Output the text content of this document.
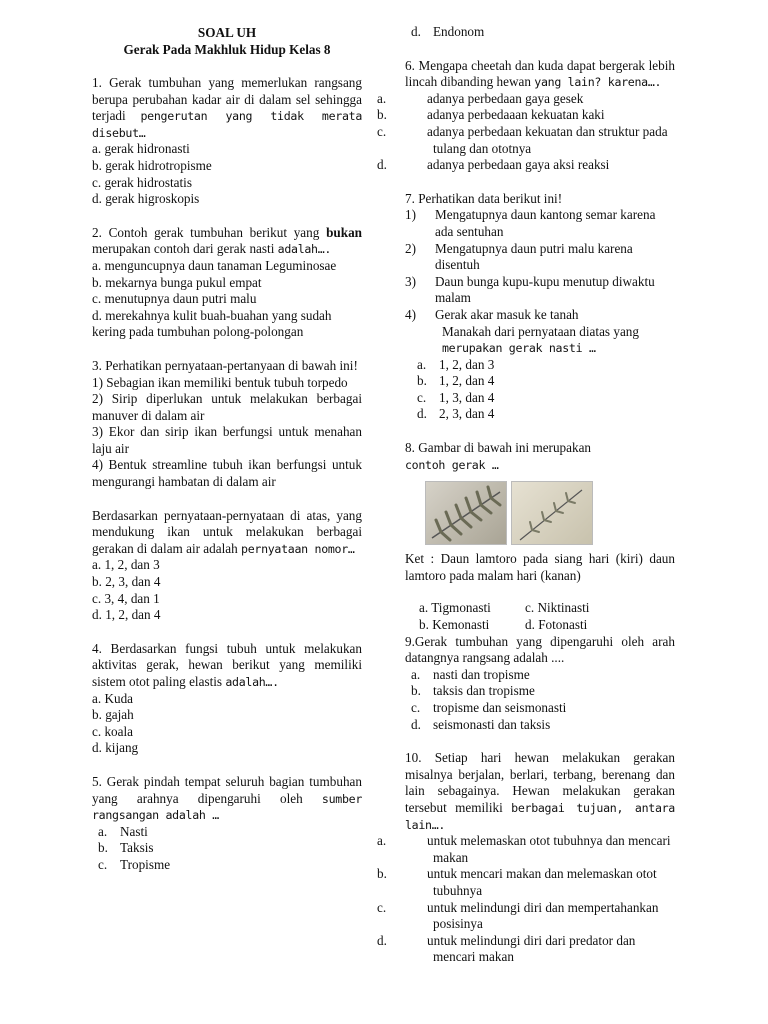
SOAL UH
Gerak Pada Makhluk Hidup Kelas 8
1. Gerak tumbuhan yang memerlukan rangsang berupa perubahan kadar air di dalam sel sehingga terjadi pengerutan yang tidak merata disebut…
a. gerak hidronasti
b. gerak hidrotropisme
c. gerak hidrostatis
d. gerak higroskopis
2. Contoh gerak tumbuhan berikut yang bukan merupakan contoh dari gerak nasti adalah….
a. menguncupnya daun tanaman Leguminosae
b. mekarnya bunga pukul empat
c. menutupnya daun putri malu
d. merekahnya kulit buah-buahan yang sudah kering pada tumbuhan polong-polongan
3. Perhatikan pernyataan-pertanyaan di bawah ini!
1) Sebagian ikan memiliki bentuk tubuh torpedo
2) Sirip diperlukan untuk melakukan berbagai manuver di dalam air
3) Ekor dan sirip ikan berfungsi untuk menahan laju air
4) Bentuk streamline tubuh ikan berfungsi untuk mengurangi hambatan di dalam air
Berdasarkan pernyataan-pernyataan di atas, yang mendukung ikan untuk melakukan berbagai gerakan di dalam air adalah pernyataan nomor…
a. 1, 2, dan 3
b. 2, 3, dan 4
c. 3, 4, dan 1
d. 1, 2, dan 4
4. Berdasarkan fungsi tubuh untuk melakukan aktivitas gerak, hewan berikut yang memiliki sistem otot paling elastis adalah….
a. Kuda
b. gajah
c. koala
d. kijang
5. Gerak pindah tempat seluruh bagian tumbuhan yang arahnya dipengaruhi oleh sumber rangsangan adalah …
a. Nasti
b. Taksis
c. Tropisme
d. Endonom
6. Mengapa cheetah dan kuda dapat bergerak lebih lincah dibanding hewan yang lain? karena….
a.	adanya perbedaan gaya gesek
b.	adanya perbedaaan kekuatan kaki
c.	adanya perbedaan kekuatan dan struktur pada tulang dan ototnya
d.	adanya perbedaan gaya aksi reaksi
7. Perhatikan data berikut ini!
1) Mengatupnya daun kantong semar karena ada sentuhan
2) Mengatupnya daun putri malu karena disentuh
3) Daun bunga kupu-kupu menutup diwaktu malam
4) Gerak akar masuk ke tanah
Manakah dari pernyataan diatas yang
merupakan gerak nasti …
a. 1, 2, dan 3
b. 1, 2, dan 4
c. 1, 3, dan 4
d. 2, 3, dan 4
8. Gambar di bawah ini merupakan
contoh gerak …
Ket : Daun lamtoro pada siang hari (kiri) daun lamtoro pada malam hari (kanan)
a. Tigmonasti	c. Niktinasti
b. Kemonasti	d. Fotonasti
9.Gerak tumbuhan yang dipengaruhi oleh arah datangnya rangsang adalah ....
a. nasti dan tropisme
b. taksis dan tropisme
c. tropisme dan seismonasti
d. seismonasti dan taksis
10. Setiap hari hewan melakukan gerakan misalnya berjalan, berlari, terbang, berenang dan lain sebagainya. Hewan melakukan gerakan tersebut memiliki berbagai tujuan, antara lain….
a.	untuk melemaskan otot tubuhnya dan mencari makan
b.	untuk mencari makan dan melemaskan otot tubuhnya
c.	untuk melindungi diri dan mempertahankan posisinya
d.	untuk melindungi diri dari predator dan mencari makan
